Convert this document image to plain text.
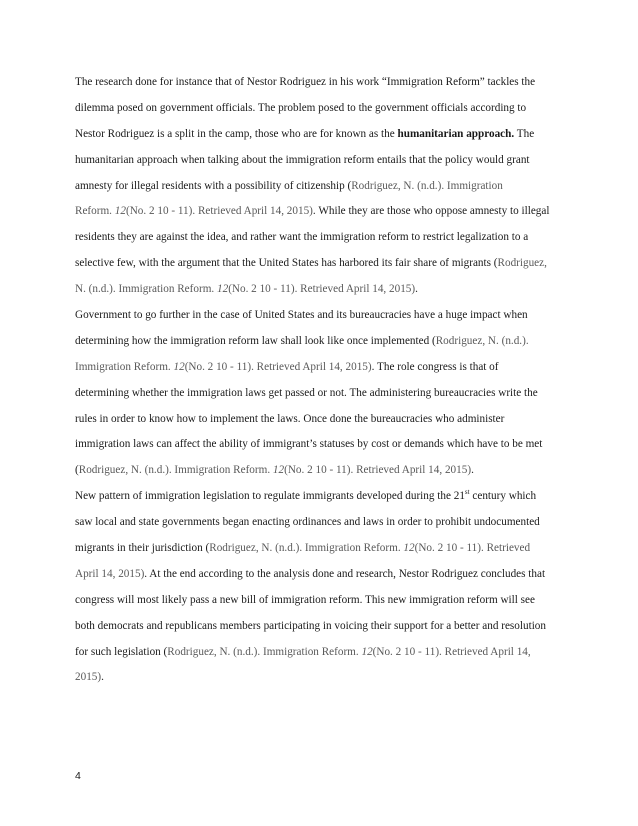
The research done for instance that of Nestor Rodriguez in his work “Immigration Reform” tackles the
dilemma posed on government officials. The problem posed to the government officials according to
Nestor Rodriguez is a split in the camp, those who are for known as the humanitarian approach. The
humanitarian approach when talking about the immigration reform entails that the policy would grant
amnesty for illegal residents with a possibility of citizenship (Rodriguez, N. (n.d.). Immigration
Reform. 12(No. 2 10 - 11). Retrieved April 14, 2015). While they are those who oppose amnesty to illegal
residents they are against the idea, and rather want the immigration reform to restrict legalization to a
selective few, with the argument that the United States has harbored its fair share of migrants (Rodriguez,
N. (n.d.). Immigration Reform. 12(No. 2 10 - 11). Retrieved April 14, 2015).
Government to go further in the case of United States and its bureaucracies have a huge impact when
determining how the immigration reform law shall look like once implemented (Rodriguez, N. (n.d.).
Immigration Reform. 12(No. 2 10 - 11). Retrieved April 14, 2015). The role congress is that of
determining whether the immigration laws get passed or not. The administering bureaucracies write the
rules in order to know how to implement the laws. Once done the bureaucracies who administer
immigration laws can affect the ability of immigrant’s statuses by cost or demands which have to be met
(Rodriguez, N. (n.d.). Immigration Reform. 12(No. 2 10 - 11). Retrieved April 14, 2015).
New pattern of immigration legislation to regulate immigrants developed during the 21st century which
saw local and state governments began enacting ordinances and laws in order to prohibit undocumented
migrants in their jurisdiction (Rodriguez, N. (n.d.). Immigration Reform. 12(No. 2 10 - 11). Retrieved
April 14, 2015). At the end according to the analysis done and research, Nestor Rodriguez concludes that
congress will most likely pass a new bill of immigration reform. This new immigration reform will see
both democrats and republicans members participating in voicing their support for a better and resolution
for such legislation (Rodriguez, N. (n.d.). Immigration Reform. 12(No. 2 10 - 11). Retrieved April 14,
2015).
4
